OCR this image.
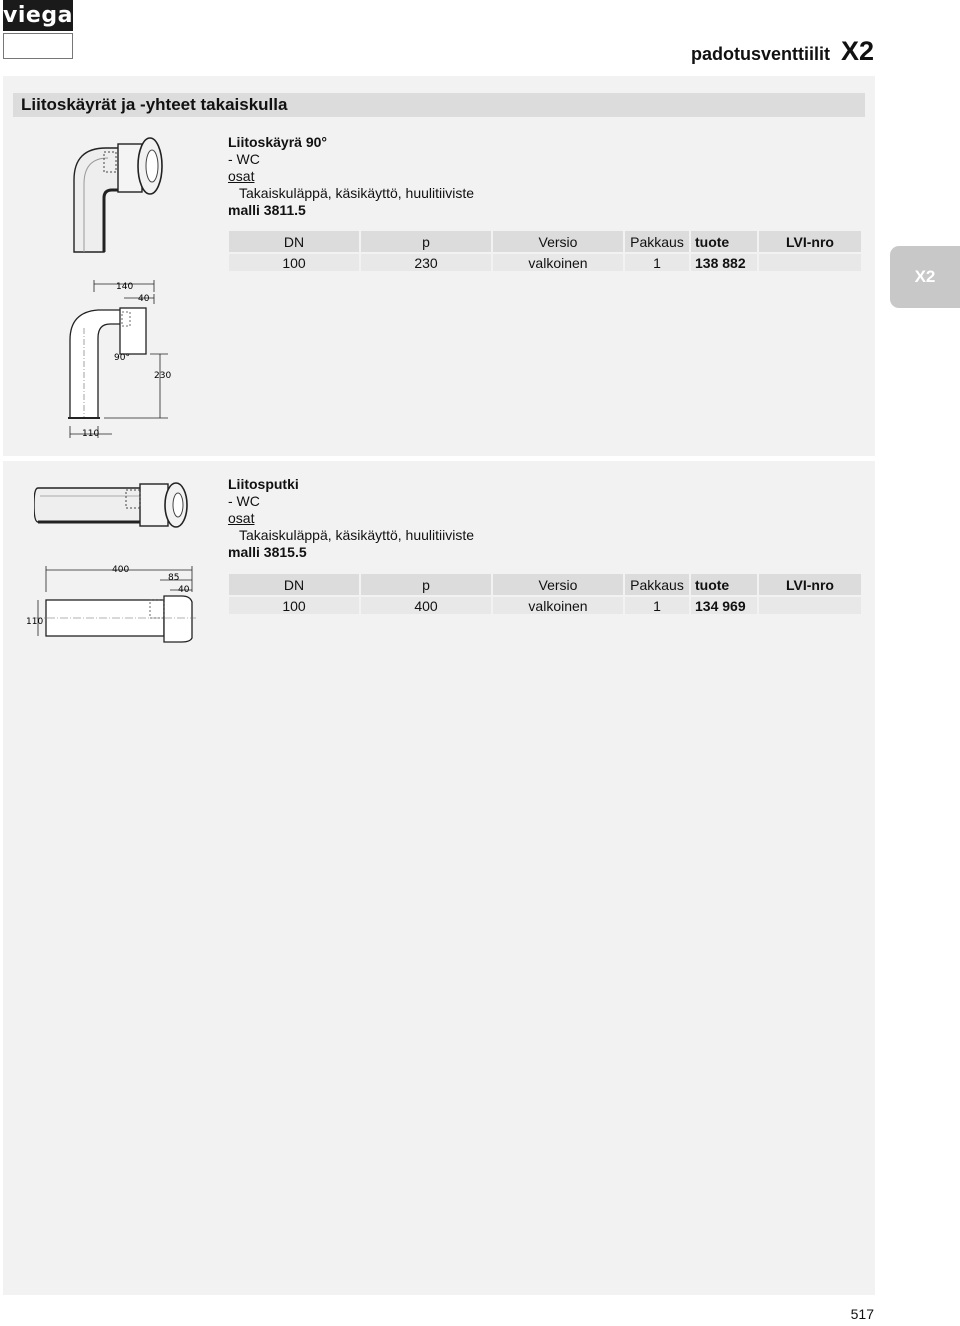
viega
padotusventtiilit X2
Liitoskäyrät ja -yhteet takaiskulla
X2
Liitoskäyrä 90°
- WC
osat
Takaiskuläppä, käsikäyttö, huulitiiviste
malli 3811.5
DN	p	Versio	Pakkaus	tuote	LVI-nro
100	230	valkoinen	1	138 882	
140
40
230
90°
110
Liitosputki
- WC
osat
Takaiskuläppä, käsikäyttö, huulitiiviste
malli 3815.5
DN	p	Versio	Pakkaus	tuote	LVI-nro
100	400	valkoinen	1	134 969	
400
85
40
110
517
